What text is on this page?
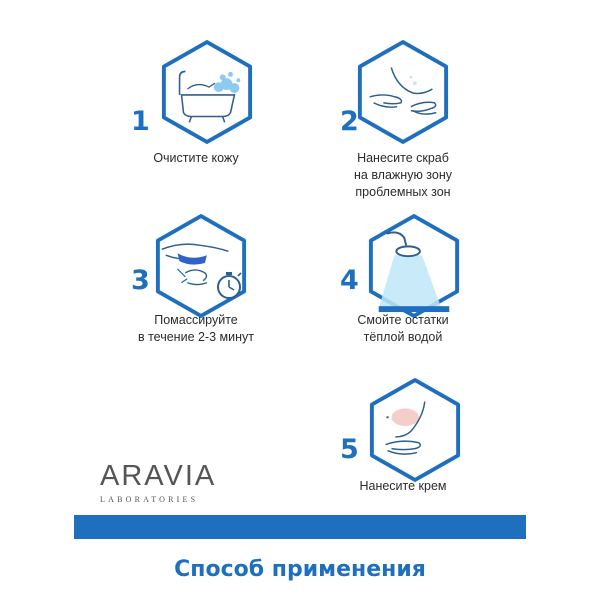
1
Очистите кожу
2
Нанесите скраб
на влажную зону
проблемных зон
3
Помассируйте
в течение 2-3 минут
4
Смойте остатки
тёплой водой
5
Нанесите крем
ARAVIA
LABORATORIES
Способ применения
